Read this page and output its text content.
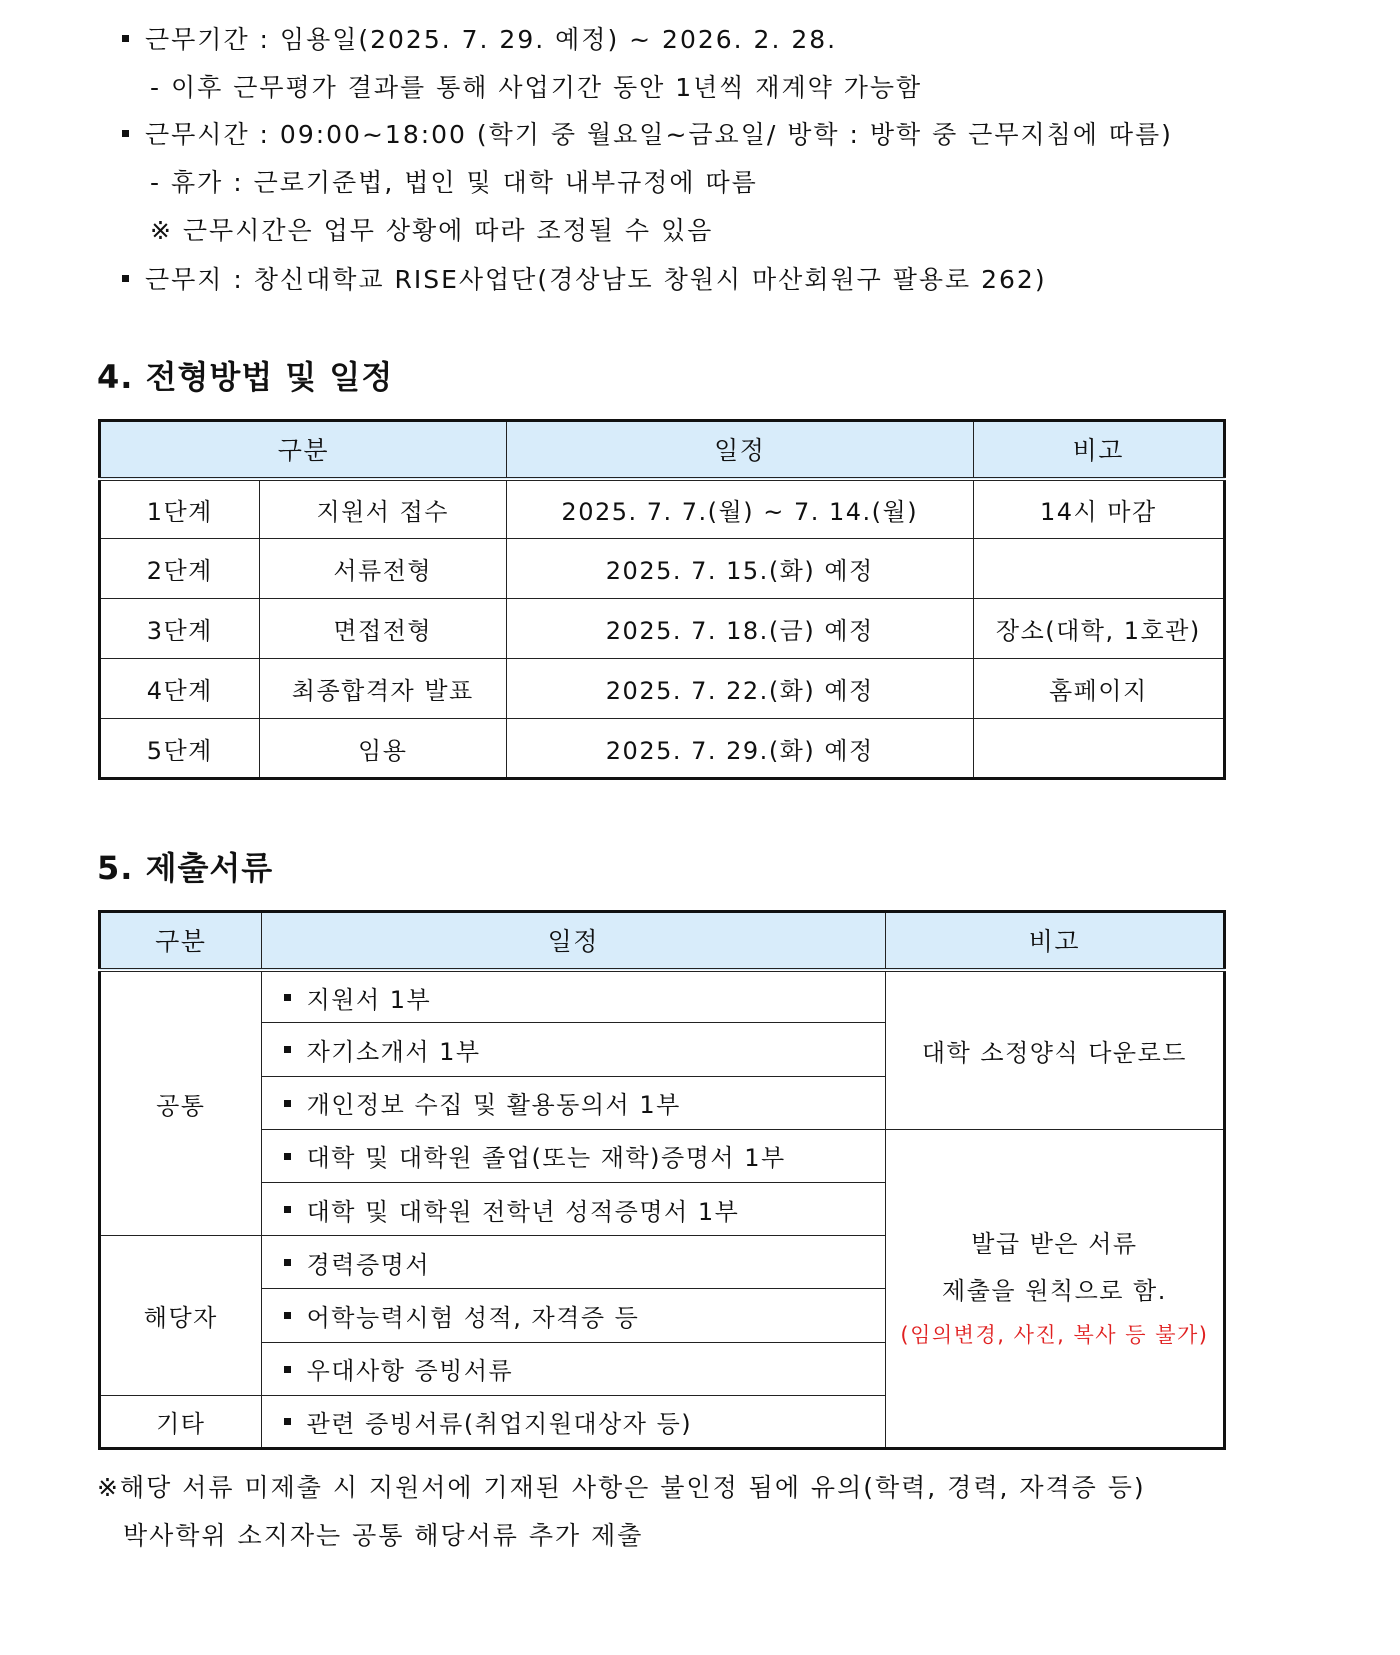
근무기간 : 임용일(2025. 7. 29. 예정) ~ 2026. 2. 28.
- 이후 근무평가 결과를 통해 사업기간 동안 1년씩 재계약 가능함
근무시간 : 09:00~18:00 (학기 중 월요일~금요일/ 방학 : 방학 중 근무지침에 따름)
- 휴가 : 근로기준법, 법인 및 대학 내부규정에 따름
※ 근무시간은 업무 상황에 따라 조정될 수 있음
근무지 : 창신대학교 RISE사업단(경상남도 창원시 마산회원구 팔용로 262)
4. 전형방법 및 일정
구분		일정	비고
1단계	지원서 접수	2025. 7. 7.(월) ~ 7. 14.(월)	14시 마감
2단계	서류전형	2025. 7. 15.(화) 예정	
3단계	면접전형	2025. 7. 18.(금) 예정	장소(대학, 1호관)
4단계	최종합격자 발표	2025. 7. 22.(화) 예정	홈페이지
5단계	임용	2025. 7. 29.(화) 예정	
5. 제출서류
구분	일정	비고
공통	지원서 1부	대학 소정양식 다운로드
	자기소개서 1부	
	개인정보 수집 및 활용동의서 1부	
	대학 및 대학원 졸업(또는 재학)증명서 1부	발급 받은 서류
제출을 원칙으로 함.
(임의변경, 사진, 복사 등 불가)

	대학 및 대학원 전학년 성적증명서 1부	
해당자	경력증명서	
	어학능력시험 성적, 자격증 등	
	우대사항 증빙서류	
기타	관련 증빙서류(취업지원대상자 등)	
※해당 서류 미제출 시 지원서에 기재된 사항은 불인정 됨에 유의(학력, 경력, 자격증 등)
박사학위 소지자는 공통 해당서류 추가 제출
